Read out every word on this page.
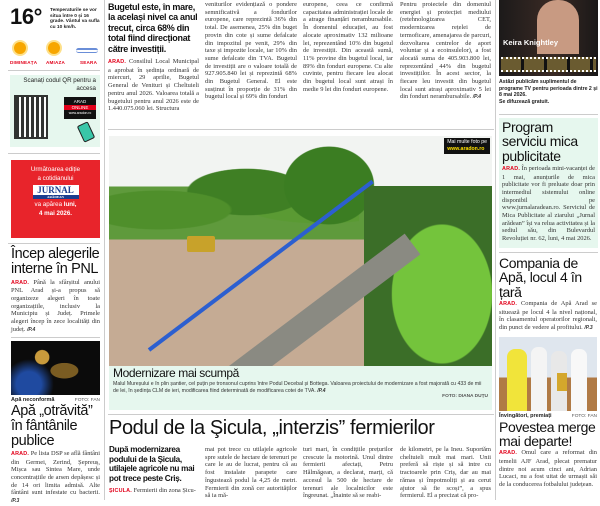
16° Temperaturile se vor situa între 0 și 16 grade. Vântul va sufla cu 10 km/h.
DIMINEAȚA AMIAZA	SEARA
Scanați codul QR pentru a accesa
ARAD
ONLINE
www.aradon.ro
Următoarea ediție
a cotidianului
JURNAL
ARĂDEAN
va apărea luni,
4 mai 2026.
Încep alegerile interne în PNL
ARAD. Până la sfârșitul anului PNL Arad și-a propus să organizeze alegeri în toate organizațiile, inclusiv la Municipiu și Județ. Primele alegeri încep în zece localități din județ. /P.4
Apă neconformă	FOTO: FAN
Apă „otrăvită” în fântânile publice
ARAD. Pe lista DSP se află fântâni din Germei, Zerind, Șepreuș, Mișca sau Sintea Mare, unde concentrațiile de arsen depășesc și de 14 ori limita admisă. Alte fântâni sunt infestate cu bacterii. /P.3
Bugetul este, în mare, la același nivel ca anul trecut, circa 68% din total fiind direcționat către investiții.
ARAD. Consiliul Local Municipal a aprobat în ședința ordinară de miercuri, 29 aprilie, Bugetul General de Venituri și Cheltuieli pentru anul 2026. Valoarea totală a bugetului pentru anul 2026 este de 1.440.075.060 lei. Structura
veniturilor evidențiază o pondere semnificativă a fondurilor europene, care reprezintă 36% din total. De asemenea, 25% din buget provin din cote și sume defalcate din impozitul pe venit, 29% din taxe și impozite locale, iar 10% din sume defalcate din TVA. Bugetul de investiții are o valoare totală de 927.905.840 lei și reprezintă 68% din Bugetul General. El este susținut în proporție de 31% din bugetul local și 69% din fonduri
europene, ceea ce confirmă capacitatea administrației locale de a atrage finanțări nerambursabile. În domeniul educației, au fost alocate aproximativ 132 milioane lei, reprezentând 10% din bugetul de investiții. Din această sumă, 11% provine din bugetul local, iar 89% din fonduri europene. Cu alte cuvinte, pentru fiecare leu alocat din bugetul local sunt atrași în medie 9 lei din fonduri europene.
Pentru proiectele din domeniul energiei și protecției mediului (retehnologizarea CET, modernizarea rețelei de termoficare, amenajarea de parcuri, dezvoltarea centrelor de aport voluntar și a ecoinsulelor), a fost alocată suma de 405.903.800 lei, reprezentând 44% din bugetul investițiilor. În acest sector, la fiecare leu investit din bugetul local sunt atrași aproximativ 5 lei din fonduri nerambursabile. /P.4
Mai multe foto pe
www.aradon.ro
Modernizare mai scumpă
Malul Mureșului e în plin șantier, cel puțin pe tronsonul cuprins între Podul Decebal și Bottega. Valoarea proiectului de modernizare a fost majorată cu 433 de mii de lei, în ședința CLM de ieri, modificarea fiind determinată de modificarea cotei de TVA. /P.4
FOTO: DIANA DUȚU
Podul de la Şicula, „interzis” fermierilor
După modernizarea podului de la Şicula, utilajele agricole nu mai pot trece peste Criș.
ȘICULA. Fermierii din zona Șicu-
mai pot trece cu utilajele agricole spre sutele de hectare de terenuri pe care le au de lucrat, pentru că au fost instalate parapete care îngustează podul la 4,25 de metri. Fermierii din zonă cer autorităților să ia mă-
turi mari, în condițiile prețurilor crescute la motorină. Unul dintre fermierii afectați, Petru Hălmăgean, a declarat, marți, că accesul la 500 de hectare de terenuri ale localnicilor este îngreunat. „Înainte să se reabi-
de kilometri, pe la Ineu. Suportăm cheltuieli mult mai mari. Unii preferă să riște și să intre cu tractoarele prin Criș, dar au mai rămas și împotmoliți și au cerut ajutor să fie scoși”, a spus fermierul. El a precizat că pro-
Keira Knightley
Astăzi publicăm suplimentul de programe TV pentru perioada dintre 2 și 8 mai 2026.
Se difuzează gratuit.
Program serviciu mica publicitate
ARAD. În perioada mini-vacanței de 1 mai, anunțurile de mica publicitate vor fi preluate doar prin intermediul sistemului online disponibil pe www.jurnalaradean.ro. Serviciul de Mica Publicitate al ziarului „Jurnal arădean” își va relua activitatea și la sediul său, din Bulevardul Revoluției nr. 62, luni, 4 mai 2026.
Compania de Apă, locul 4 în țară
ARAD. Compania de Apă Arad se situează pe locul 4 la nivel național, în clasamentul operatorilor regionali, din punct de vedere al profitului. /P.3
Învingători, premiați	FOTO: FAN
Povestea merge mai departe!
ARAD. Omul care a reformat din temelii AJF Arad, plecat prematur dintre noi acum cinci ani, Adrian Lucaci, nu a fost uitat de urmașii săi de la conducerea fotbalului județean.
